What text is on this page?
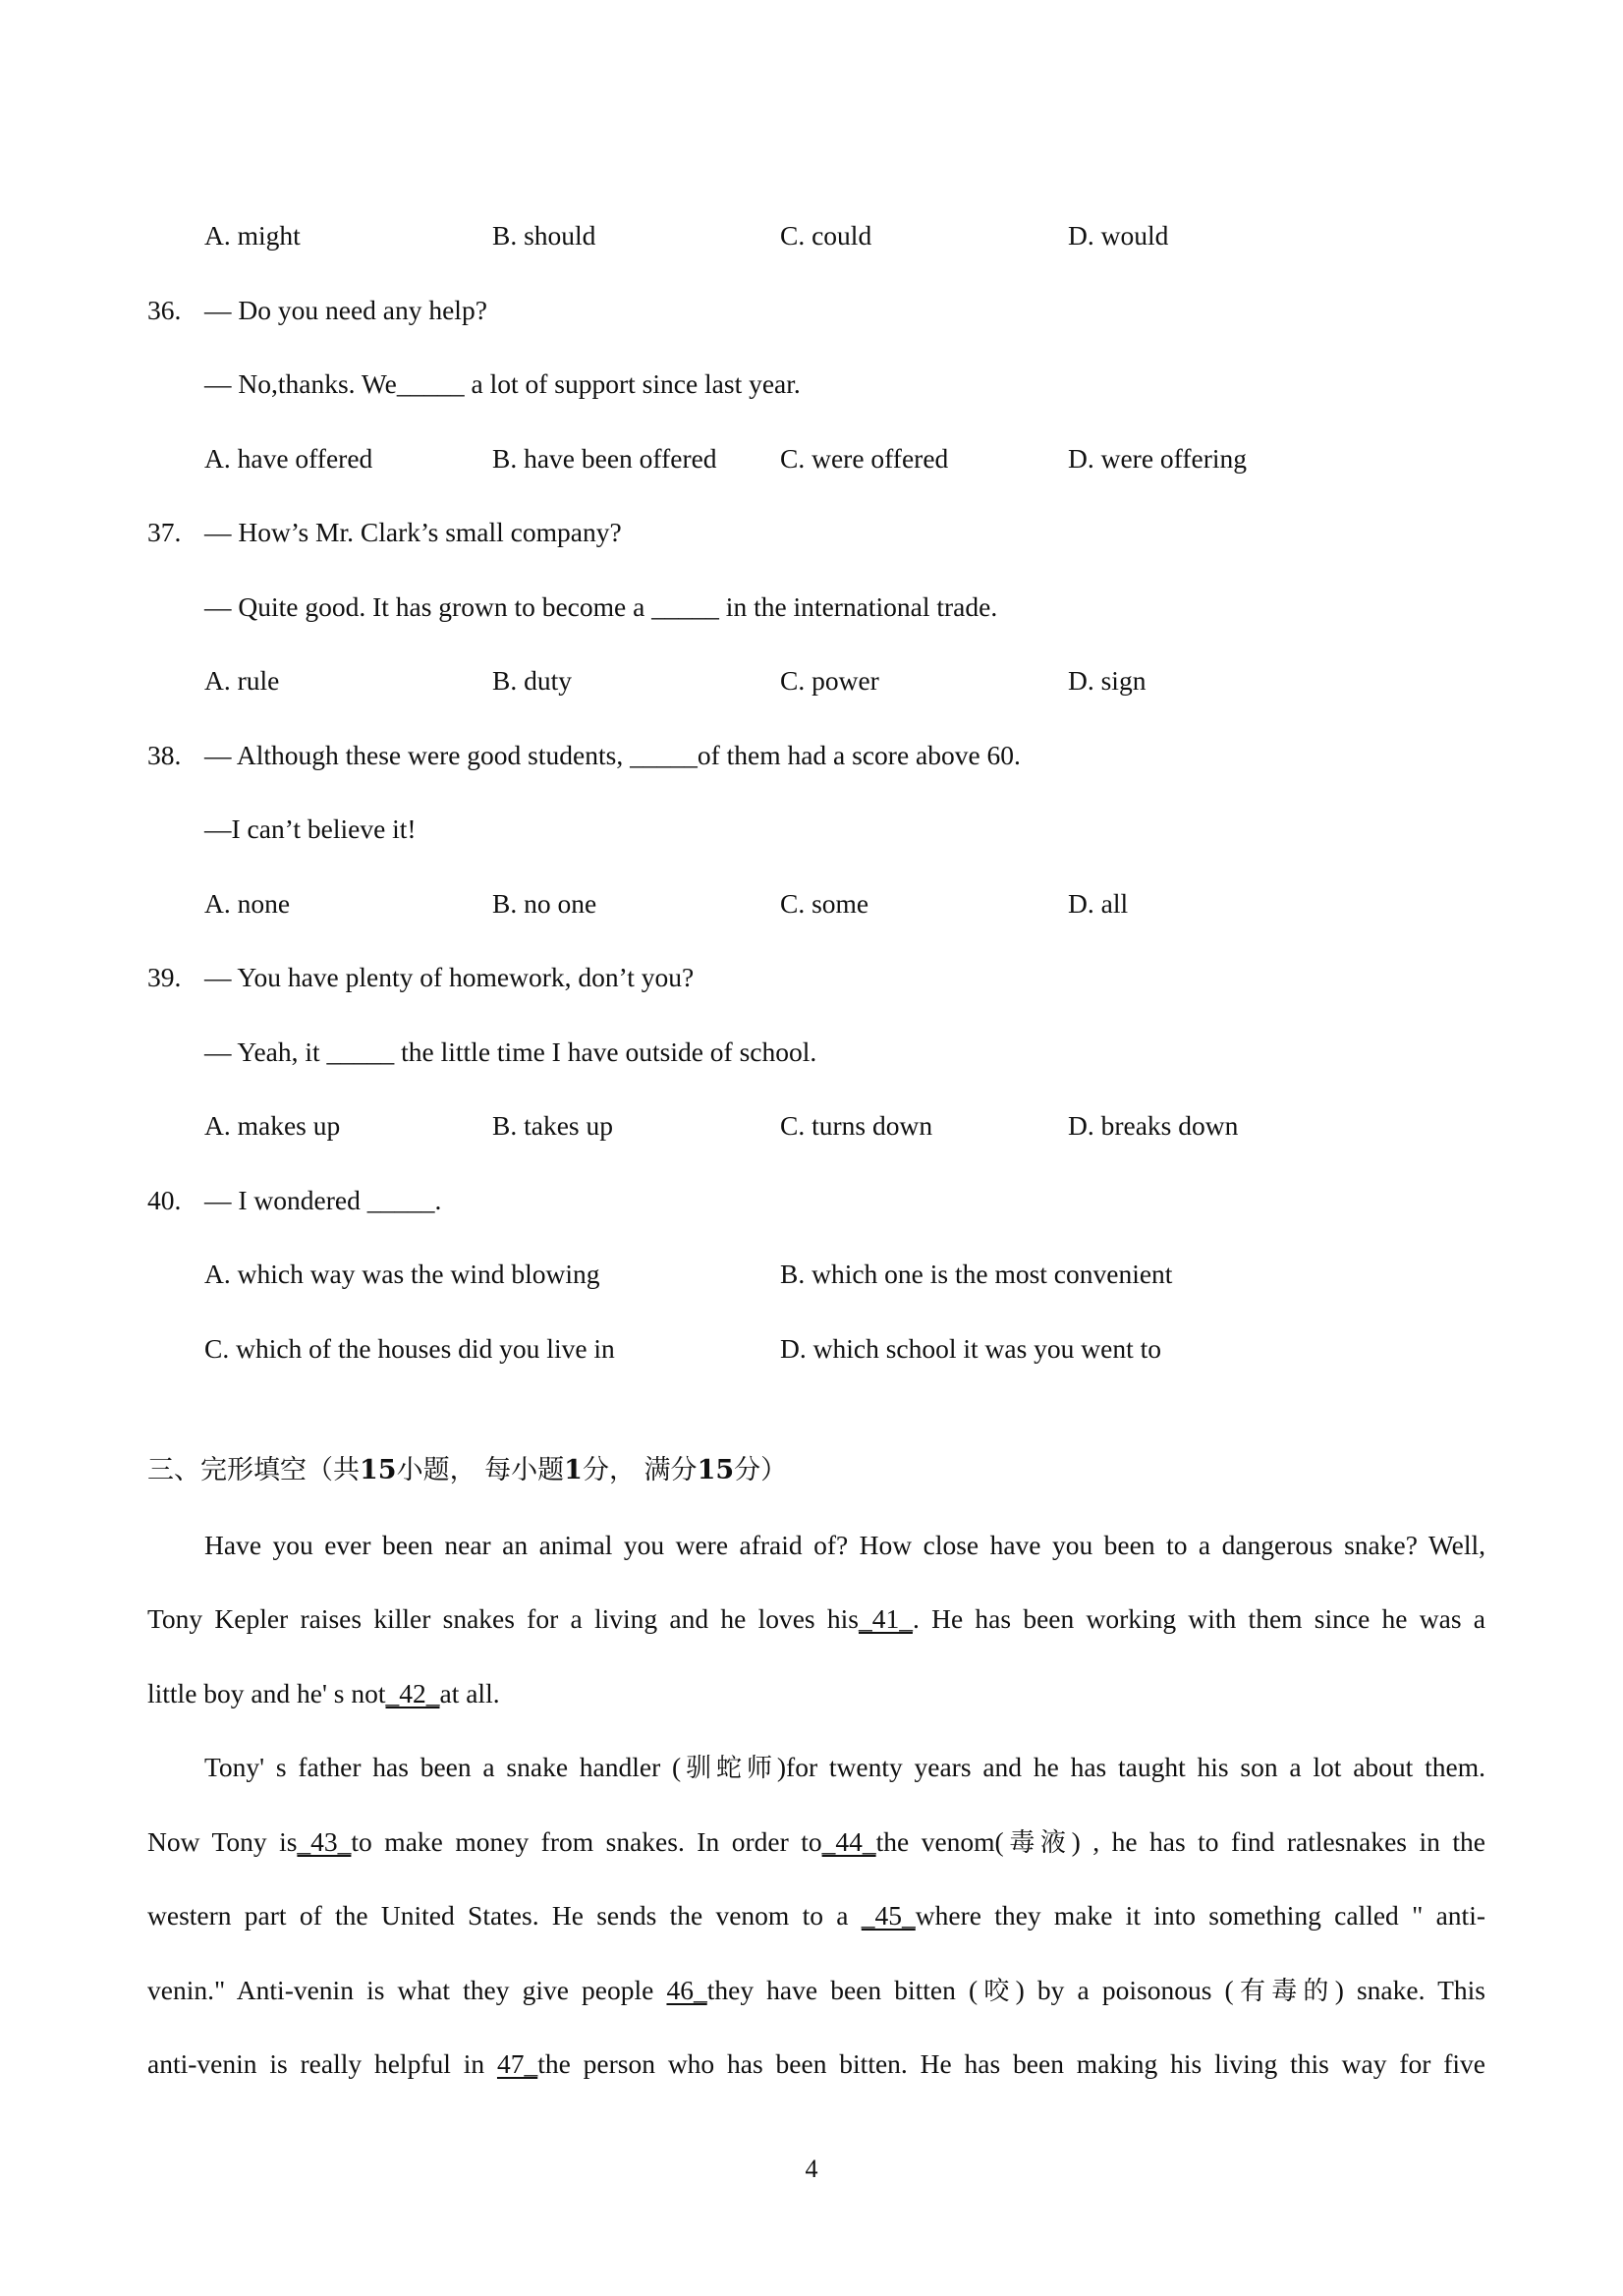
A. might	B. should	C. could	D. would
36. — Do you need any help?
— No,thanks. We_____ a lot of support since last year.
A. have offered	B. have been offered C. were offered	D. were offering
37. — How’s Mr. Clark’s small company?
— Quite good. It has grown to become a _____ in the international trade.
A. rule	B. duty	C. power	D. sign
38. — Although these were good students, _____of them had a score above 60.
—I can’t believe it!
A. none	B. no one	C. some	D. all
39. — You have plenty of homework, don’t you?
— Yeah, it _____ the little time I have outside of school.
A. makes up	B. takes up	C. turns down	D. breaks down
40. — I wondered _____.
A. which way was the wind blowing	B. which one is the most convenient
C. which of the houses did you live in	D. which school it was you went to
三、完形填空（共15小题， 每小题1分， 满分15分）
Have you ever been near an animal you were afraid of? How close have you been to a dangerous snake? Well,
Tony Kepler raises killer snakes for a living and he loves his_41_. He has been working with them since he was a
little boy and he' s not_42_at all.
Tony' s father has been a snake handler (驯蛇师)for twenty years and he has taught his son a lot about them.
Now Tony is_43_to make money from snakes. In order to_44_the venom(毒液) , he has to find ratlesnakes in the
western part of the United States. He sends the venom to a _45_where they make it into something called " anti-
venin." Anti-venin is what they give people 46_they have been bitten (咬) by a poisonous (有毒的) snake. This
anti-venin is really helpful in 47_the person who has been bitten. He has been making his living this way for five
4
